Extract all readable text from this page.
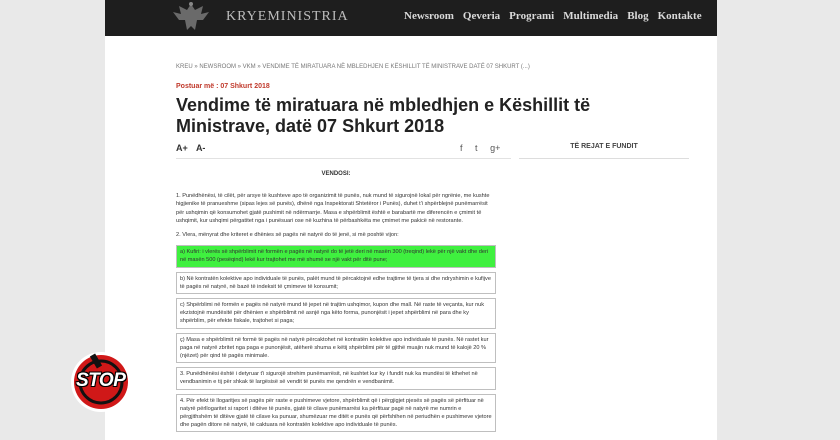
KRYEMINISTRIA	Newsroom Qeveria Programi Multimedia Blog Kontakte
KREU » NEWSROOM » VKM » VENDIME TË MIRATUARA NË MBLEDHJEN E KËSHILLIT TË MINISTRAVE DATË 07 SHKURT (...)
Postuar më : 07 Shkurt 2018
Vendime të miratuara në mbledhjen e Këshillit të Ministrave, datë 07 Shkurt 2018
A+ A-	f t g+	TË REJAT E FUNDIT
VENDOSI:

1. Punëdhënësi, të cilët, për arsye të kushteve apo të organizimit të punës, nuk mund të sigurojnë lokal për ngrënie, me kushte higjienike të pranueshme (sipas lejes së punës), dhënë nga Inspektorati Shtetëror i Punës), duhet t'i shpërblejnë punëmarrësit për ushqimin që konsumohet gjatë pushimit në ndërmarrje. Masa e shpërblimit është e barabartë me diferencën e çmimit të ushqimit, kur ushqimi përgatitet nga i punësuari ose në kuzhina të përbashkëta me çmimet me pakicë në restorante.

2. Vlera, mënyrat dhe kriteret e dhënies së pagës në natyrë do të jenë, si më poshtë vijon:

a) Kufiri: i vlerës së shpërblimit në formën e pagës në natyrë do të jetë deri në masën 300 (treqind) lekë për një vakt dhe deri në masën 500 (pesëqind) lekë kur trajtohet me më shumë se një vakt për ditë pune;
b) Në kontratën kolektive apo individuale të punës, palët mund të përcaktojnë edhe trajtime të tjera si dhe ndryshimin e kufijve të pagës në natyrë, në bazë të indeksit të çmimeve të konsumit;
c) Shpërblimi në formën e pagës në natyrë mund të jepet në trajtim ushqimor, kupon dhe mall. Në raste të veçanta, kur nuk ekzistojnë mundësitë për dhënien e shpërblimit në asnjë nga këto forma, punonjësit i jepet shpërblimi në para dhe ky shpërblim, për efekte fiskale, trajtohet si paga;
ç) Masa e shpërblimit në formë të pagës në natyrë përcaktohet në kontratën kolektive apo individuale të punës. Në rastet kur paga në natyrë zbritet nga paga e punonjësit, atëherë shuma e këtij shpërblimi për të gjithë muajin nuk mund të kalojë 20 % (njëzet) për qind të pagës minimale.
3. Punëdhënësi është i detyruar t'i sigurojë strehim punëmarrësit, në kushtet kur ky i fundit nuk ka mundësi të kthehet në vendbanimin e tij për shkak të largësisë së vendit të punës me qendrën e vendbanimit.
4. Për efekt të llogaritjes së pagës për raste e pushimeve vjetore, shpërblimit që i përgjigjet pjesës së pagës së përfituar në natyrë përllogaritet si raport i ditëve të punës, gjatë të cilave punëmarrësi ka përfituar pagë në natyrë me numrin e përgjithshëm të ditëve gjatë të cilave ka punuar, shumëzuar me ditët e punës që përfshihen në periudhën e pushimeve vjetore dhe pagën ditore në natyrë, të caktuara në kontratën kolektive apo individuale të punës.
STOP
